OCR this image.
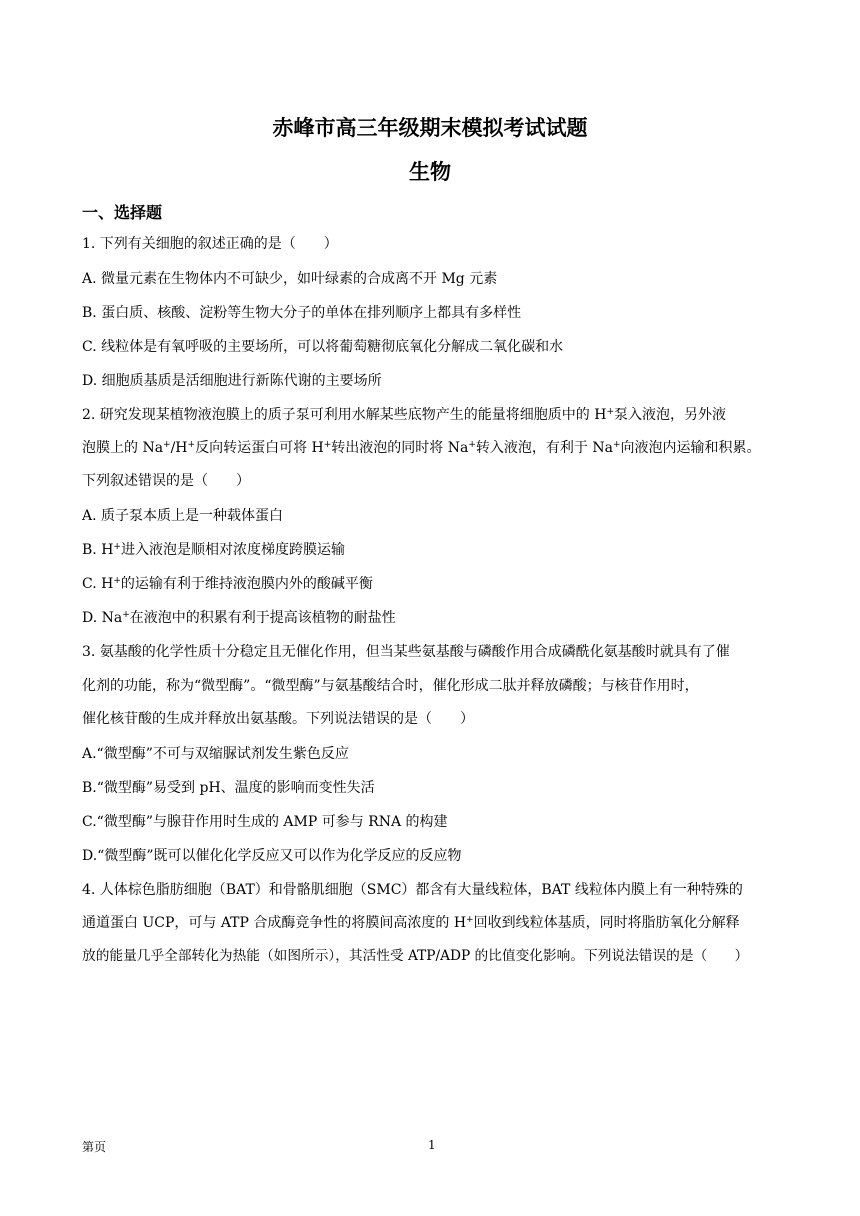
赤峰市高三年级期末模拟考试试题
生物
一、选择题
1. 下列有关细胞的叙述正确的是（　　）
A. 微量元素在生物体内不可缺少，如叶绿素的合成离不开 Mg 元素
B. 蛋白质、核酸、淀粉等生物大分子的单体在排列顺序上都具有多样性
C. 线粒体是有氧呼吸的主要场所，可以将葡萄糖彻底氧化分解成二氧化碳和水
D. 细胞质基质是活细胞进行新陈代谢的主要场所
2. 研究发现某植物液泡膜上的质子泵可利用水解某些底物产生的能量将细胞质中的 H+泵入液泡，另外液
泡膜上的 Na+/H+反向转运蛋白可将 H+转出液泡的同时将 Na+转入液泡，有利于 Na+向液泡内运输和积累。
下列叙述错误的是（　　）
A. 质子泵本质上是一种载体蛋白
B. H+进入液泡是顺相对浓度梯度跨膜运输
C. H+的运输有利于维持液泡膜内外的酸碱平衡
D. Na+在液泡中的积累有利于提高该植物的耐盐性
3. 氨基酸的化学性质十分稳定且无催化作用，但当某些氨基酸与磷酸作用合成磷酰化氨基酸时就具有了催
化剂的功能，称为“微型酶”。“微型酶”与氨基酸结合时，催化形成二肽并释放磷酸；与核苷作用时，
催化核苷酸的生成并释放出氨基酸。下列说法错误的是（　　）
A.“微型酶”不可与双缩脲试剂发生紫色反应
B.“微型酶”易受到 pH、温度的影响而变性失活
C.“微型酶”与腺苷作用时生成的 AMP 可参与 RNA 的构建
D.“微型酶”既可以催化化学反应又可以作为化学反应的反应物
4. 人体棕色脂肪细胞（BAT）和骨骼肌细胞（SMC）都含有大量线粒体，BAT 线粒体内膜上有一种特殊的
通道蛋白 UCP，可与 ATP 合成酶竞争性的将膜间高浓度的 H+回收到线粒体基质，同时将脂肪氧化分解释
放的能量几乎全部转化为热能（如图所示），其活性受 ATP/ADP 的比值变化影响。下列说法错误的是（　　）
第页	1
